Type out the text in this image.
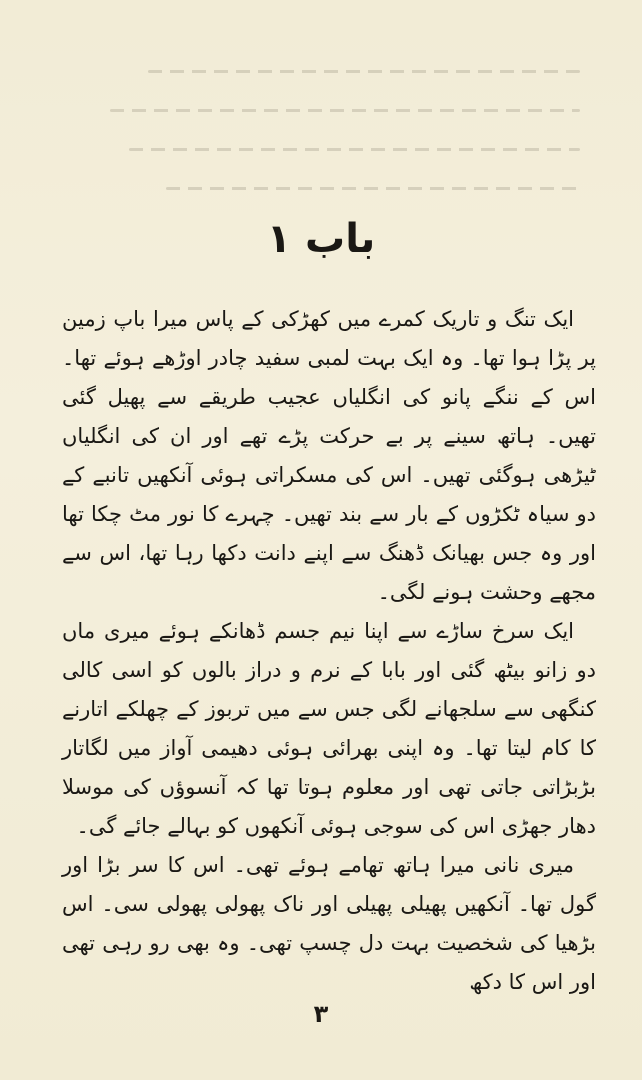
باب ١

ایک تنگ و تاریک کمرے میں کھڑکی کے پاس میرا باپ زمین پر پڑا ہوا تھا۔ وہ ایک بہت لمبی سفید چادر اوڑھے ہوئے تھا۔ اس کے ننگے پانو کی انگلیاں عجیب طریقے سے پھیل گئی تھیں۔ ہاتھ سینے پر بے حرکت پڑے تھے اور ان کی انگلیاں ٹیڑھی ہوگئی تھیں۔ اس کی مسکراتی ہوئی آنکھیں تانبے کے دو سیاہ ٹکڑوں کے بار سے بند تھیں۔ چہرے کا نور مٹ چکا تھا اور وہ جس بھیانک ڈھنگ سے اپنے دانت دکھا رہا تھا، اس سے مجھے وحشت ہونے لگی۔

ایک سرخ ساڑے سے اپنا نیم جسم ڈھانکے ہوئے میری ماں دو زانو بیٹھ گئی اور بابا کے نرم و دراز بالوں کو اسی کالی کنگھی سے سلجھانے لگی جس سے میں تربوز کے چھلکے اتارنے کا کام لیتا تھا۔ وہ اپنی بھرائی ہوئی دھیمی آواز میں لگاتار بڑبڑاتی جاتی تھی اور معلوم ہوتا تھا کہ آنسوؤں کی موسلا دھار جھڑی اس کی سوجی ہوئی آنکھوں کو بہالے جائے گی۔

میری نانی میرا ہاتھ تھامے ہوئے تھی۔ اس کا سر بڑا اور گول تھا۔ آنکھیں پھیلی پھیلی اور ناک پھولی پھولی سی۔ اس بڑھیا کی شخصیت بہت دل چسپ تھی۔ وہ بھی رو رہی تھی اور اس کا دکھ

٣
